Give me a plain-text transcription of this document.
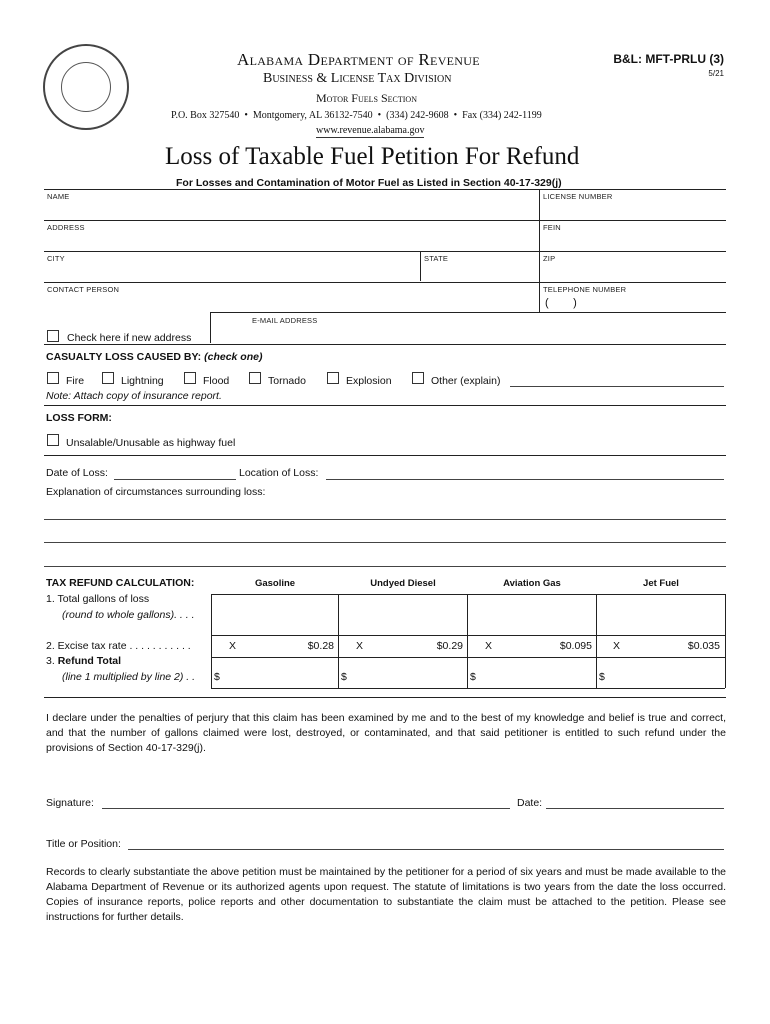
Alabama Department of Revenue
Business & License Tax Division
Motor Fuels Section
P.O. Box 327540  •  Montgomery, AL 36132-7540  •  (334) 242-9608  •  Fax (334) 242-1199
www.revenue.alabama.gov
B&L: MFT-PRLU (3)
5/21
Loss of Taxable Fuel Petition For Refund
For Losses and Contamination of Motor Fuel as Listed in Section 40-17-329(j)
NAME	LICENSE NUMBER
ADDRESS	FEIN
CITY	STATE	ZIP
CONTACT PERSON	TELEPHONE NUMBER
(        )
E-MAIL ADDRESS
Check here if new address
CASUALTY LOSS CAUSED BY: (check one)
Fire	Lightning	Flood	Tornado	Explosion	Other (explain)
Note: Attach copy of insurance report.
LOSS FORM:
Unsalable/Unusable as highway fuel
Date of Loss:	Location of Loss:
Explanation of circumstances surrounding loss:
TAX REFUND CALCULATION:	Gasoline	Undyed Diesel	Aviation Gas	Jet Fuel
1. Total gallons of loss
(round to whole gallons). . . .
2. Excise tax rate . . . . . . . . . . .
3. Refund Total
(line 1 multiplied by line 2) . .
X	$0.28 X	$0.29 X	$0.095 X	$0.035
$	$	$	$
I declare under the penalties of perjury that this claim has been examined by me and to the best of my knowledge and belief is true and correct, and that the number of gallons claimed were lost, destroyed, or contaminated, and that said petitioner is entitled to such refund under the provisions of Section 40-17-329(j).
Signature:	Date:
Title or Position:
Records to clearly substantiate the above petition must be maintained by the petitioner for a period of six years and must be made available to the Alabama Department of Revenue or its authorized agents upon request. The statute of limitations is two years from the date the loss occurred. Copies of insurance reports, police reports and other documentation to substantiate the claim must be attached to the petition. Please see instructions for further details.
